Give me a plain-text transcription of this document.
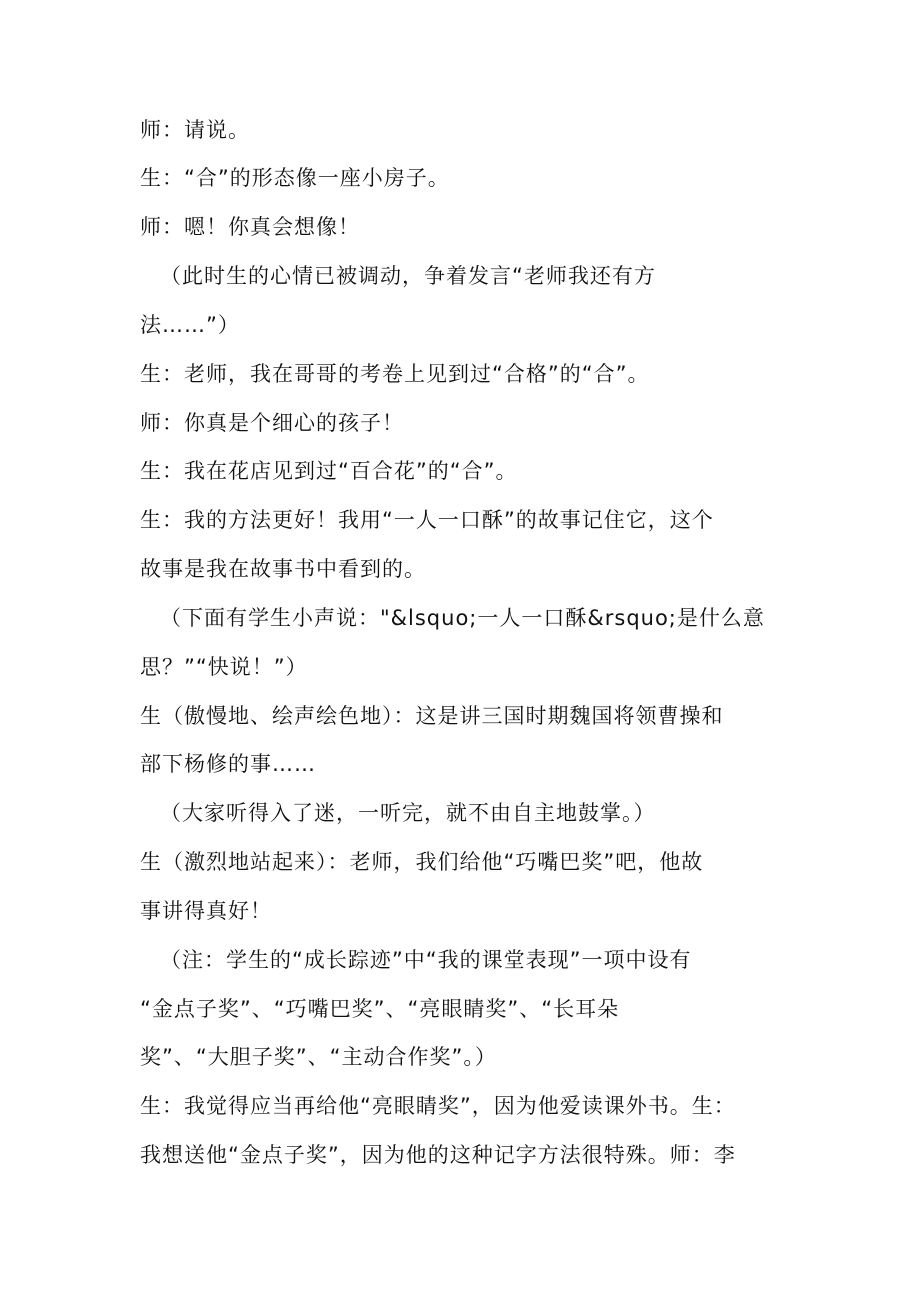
师：请说。
生：“合”的形态像一座小房子。
师：嗯！你真会想像！
（此时生的心情已被调动，争着发言“老师我还有方
法……”）
生：老师，我在哥哥的考卷上见到过“合格”的“合”。
师：你真是个细心的孩子！
生：我在花店见到过“百合花”的“合”。
生：我的方法更好！我用“一人一口酥”的故事记住它，这个
故事是我在故事书中看到的。
（下面有学生小声说："&lsquo;一人一口酥&rsquo;是什么意
思？”“快说！”）
生（傲慢地、绘声绘色地）：这是讲三国时期魏国将领曹操和
部下杨修的事……
（大家听得入了迷，一听完，就不由自主地鼓掌。）
生（激烈地站起来）：老师，我们给他“巧嘴巴奖”吧，他故
事讲得真好！
（注：学生的“成长踪迹”中“我的课堂表现”一项中设有
“金点子奖”、“巧嘴巴奖”、“亮眼睛奖”、“长耳朵
奖”、“大胆子奖”、“主动合作奖”。）
生：我觉得应当再给他“亮眼睛奖”，因为他爱读课外书。生：
我想送他“金点子奖”，因为他的这种记字方法很特殊。师：李
